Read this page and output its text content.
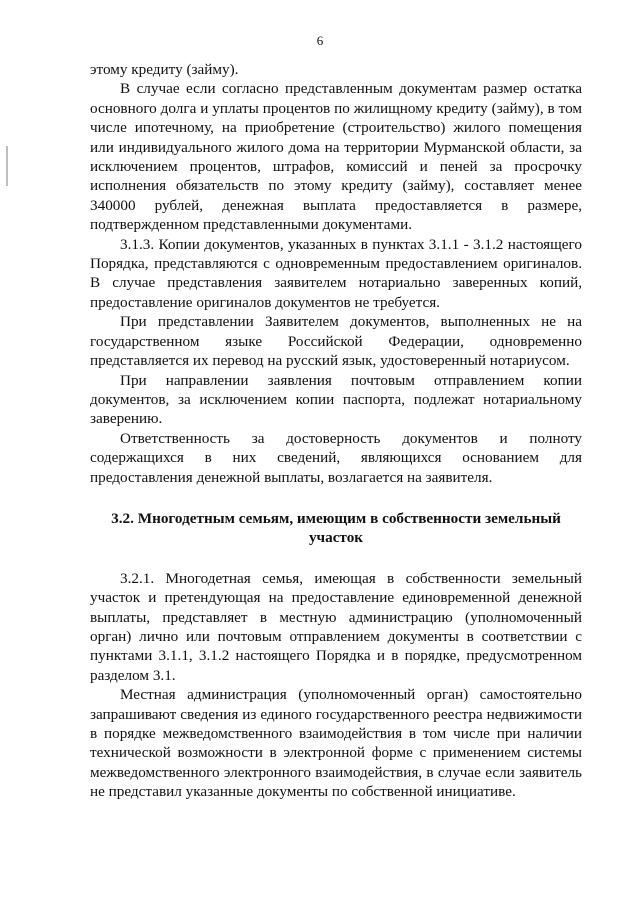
6

этому кредиту (займу).

В случае если согласно представленным документам размер остатка основного долга и уплаты процентов по жилищному кредиту (займу), в том числе ипотечному, на приобретение (строительство) жилого помещения или индивидуального жилого дома на территории Мурманской области, за исключением процентов, штрафов, комиссий и пеней за просрочку исполнения обязательств по этому кредиту (займу), составляет менее 340000 рублей, денежная выплата предоставляется в размере, подтвержденном представленными документами.

3.1.3. Копии документов, указанных в пунктах 3.1.1 - 3.1.2 настоящего Порядка, представляются с одновременным предоставлением оригиналов. В случае представления заявителем нотариально заверенных копий, предоставление оригиналов документов не требуется.

При представлении Заявителем документов, выполненных не на государственном языке Российской Федерации, одновременно представляется их перевод на русский язык, удостоверенный нотариусом.

При направлении заявления почтовым отправлением копии документов, за исключением копии паспорта, подлежат нотариальному заверению.

Ответственность за достоверность документов и полноту содержащихся в них сведений, являющихся основанием для предоставления денежной выплаты, возлагается на заявителя.

3.2. Многодетным семьям, имеющим в собственности земельный участок

3.2.1. Многодетная семья, имеющая в собственности земельный участок и претендующая на предоставление единовременной денежной выплаты, представляет в местную администрацию (уполномоченный орган) лично или почтовым отправлением документы в соответствии с пунктами 3.1.1, 3.1.2 настоящего Порядка и в порядке, предусмотренном разделом 3.1.

Местная администрация (уполномоченный орган) самостоятельно запрашивают сведения из единого государственного реестра недвижимости в порядке межведомственного взаимодействия в том числе при наличии технической возможности в электронной форме с применением системы межведомственного электронного взаимодействия, в случае если заявитель не представил указанные документы по собственной инициативе.
